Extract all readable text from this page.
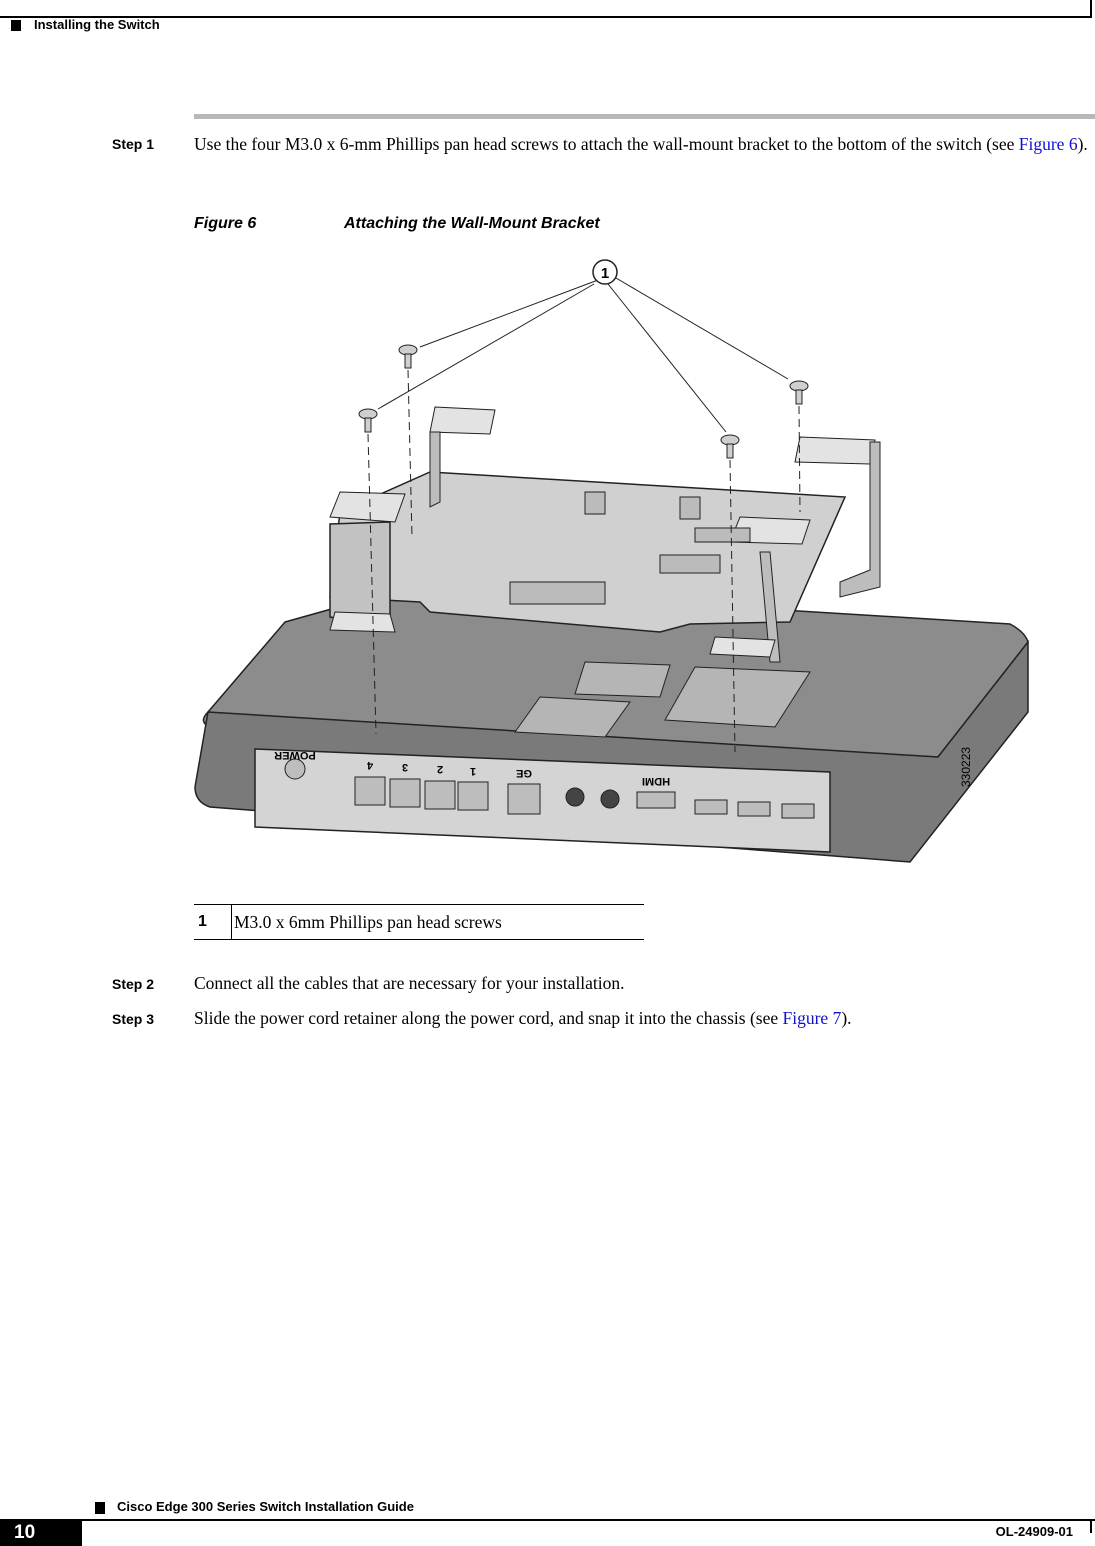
Installing the Switch
Step 1 Use the four M3.0 x 6-mm Phillips pan head screws to attach the wall-mount bracket to the bottom of the switch (see Figure 6).
Figure 6	Attaching the Wall-Mount Bracket
1
POWER
4	3	2 1	GE
HDMI	330223
1	M3.0 x 6mm Phillips pan head screws
Step 2 Connect all the cables that are necessary for your installation.
Step 3 Slide the power cord retainer along the power cord, and snap it into the chassis (see Figure 7).
Cisco Edge 300 Series Switch Installation Guide
10	OL-24909-01
